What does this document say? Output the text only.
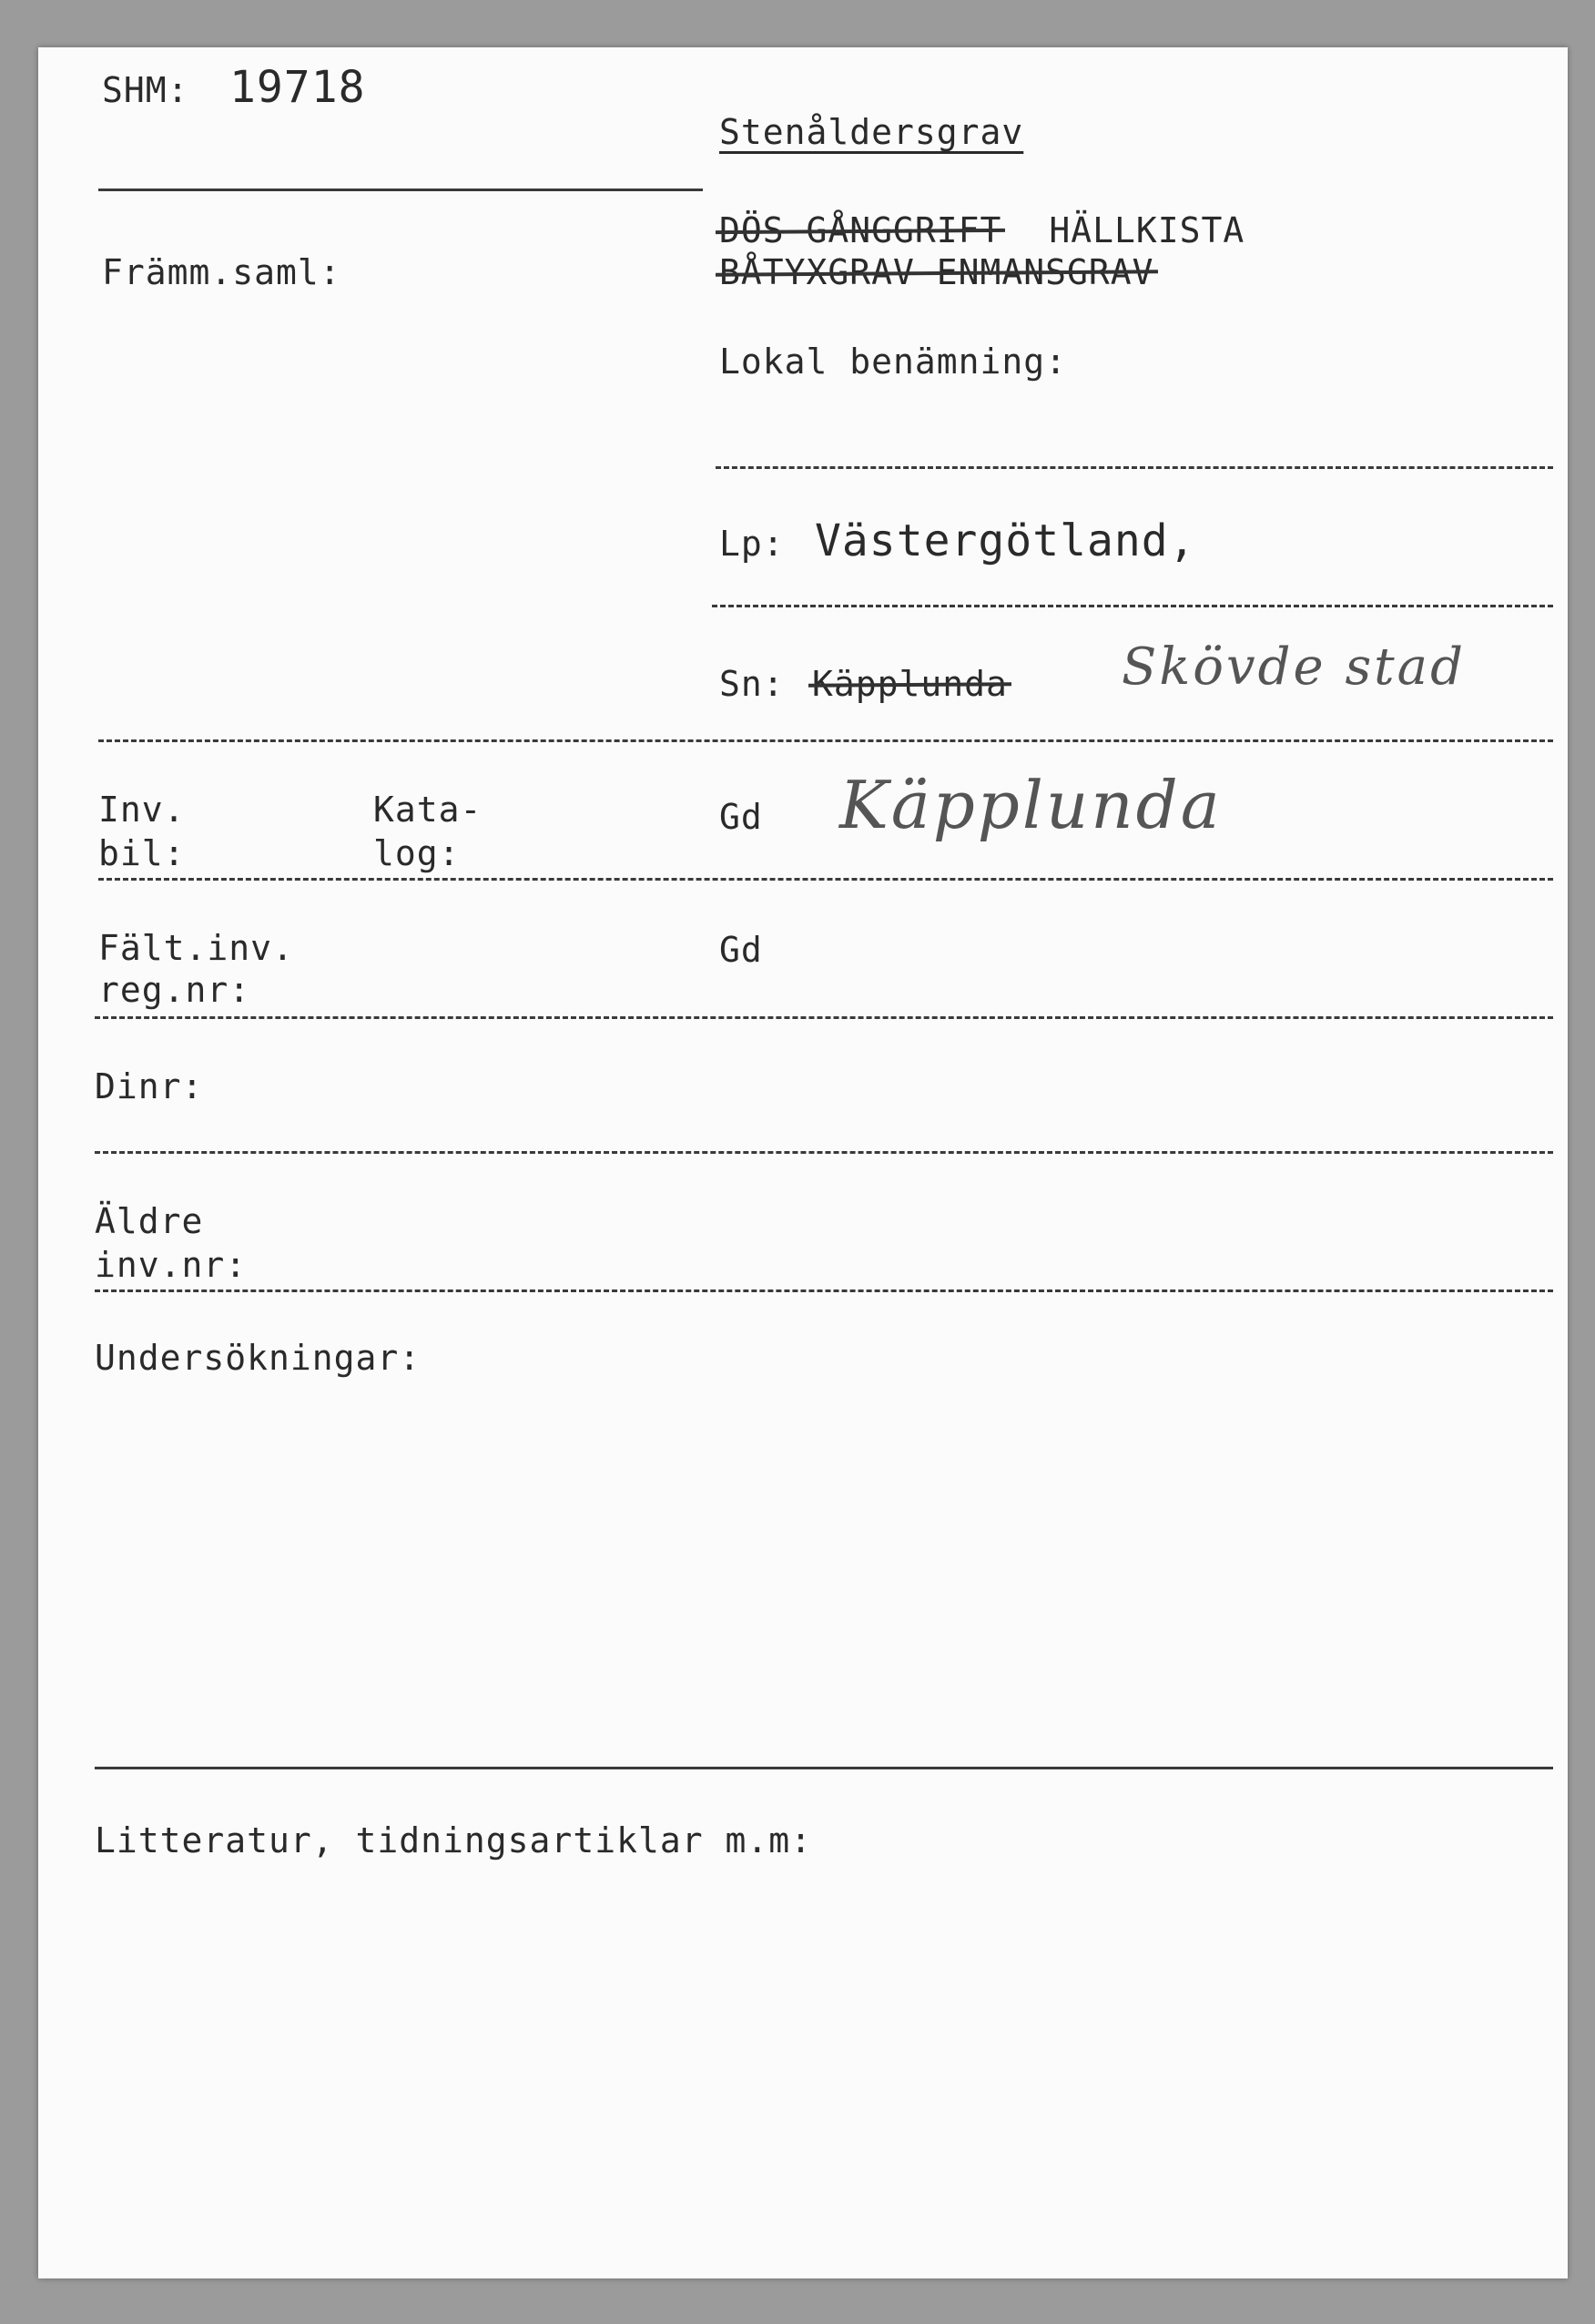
SHM: 19718
Främm.saml:
Stenåldersgrav
DÖS GÅNGGRIFT HÄLLKISTA
BÅTYXGRAV ENMANSGRAV
Lokal benämning:
Lp: Västergötland,
Sn: Käpplunda Skövde stad
Inv.
bil:
Kata-
log:
Gd Käpplunda
Fält.inv.
reg.nr:
Gd
Dinr:
Äldre
inv.nr:
Undersökningar:
Litteratur, tidningsartiklar m.m:
